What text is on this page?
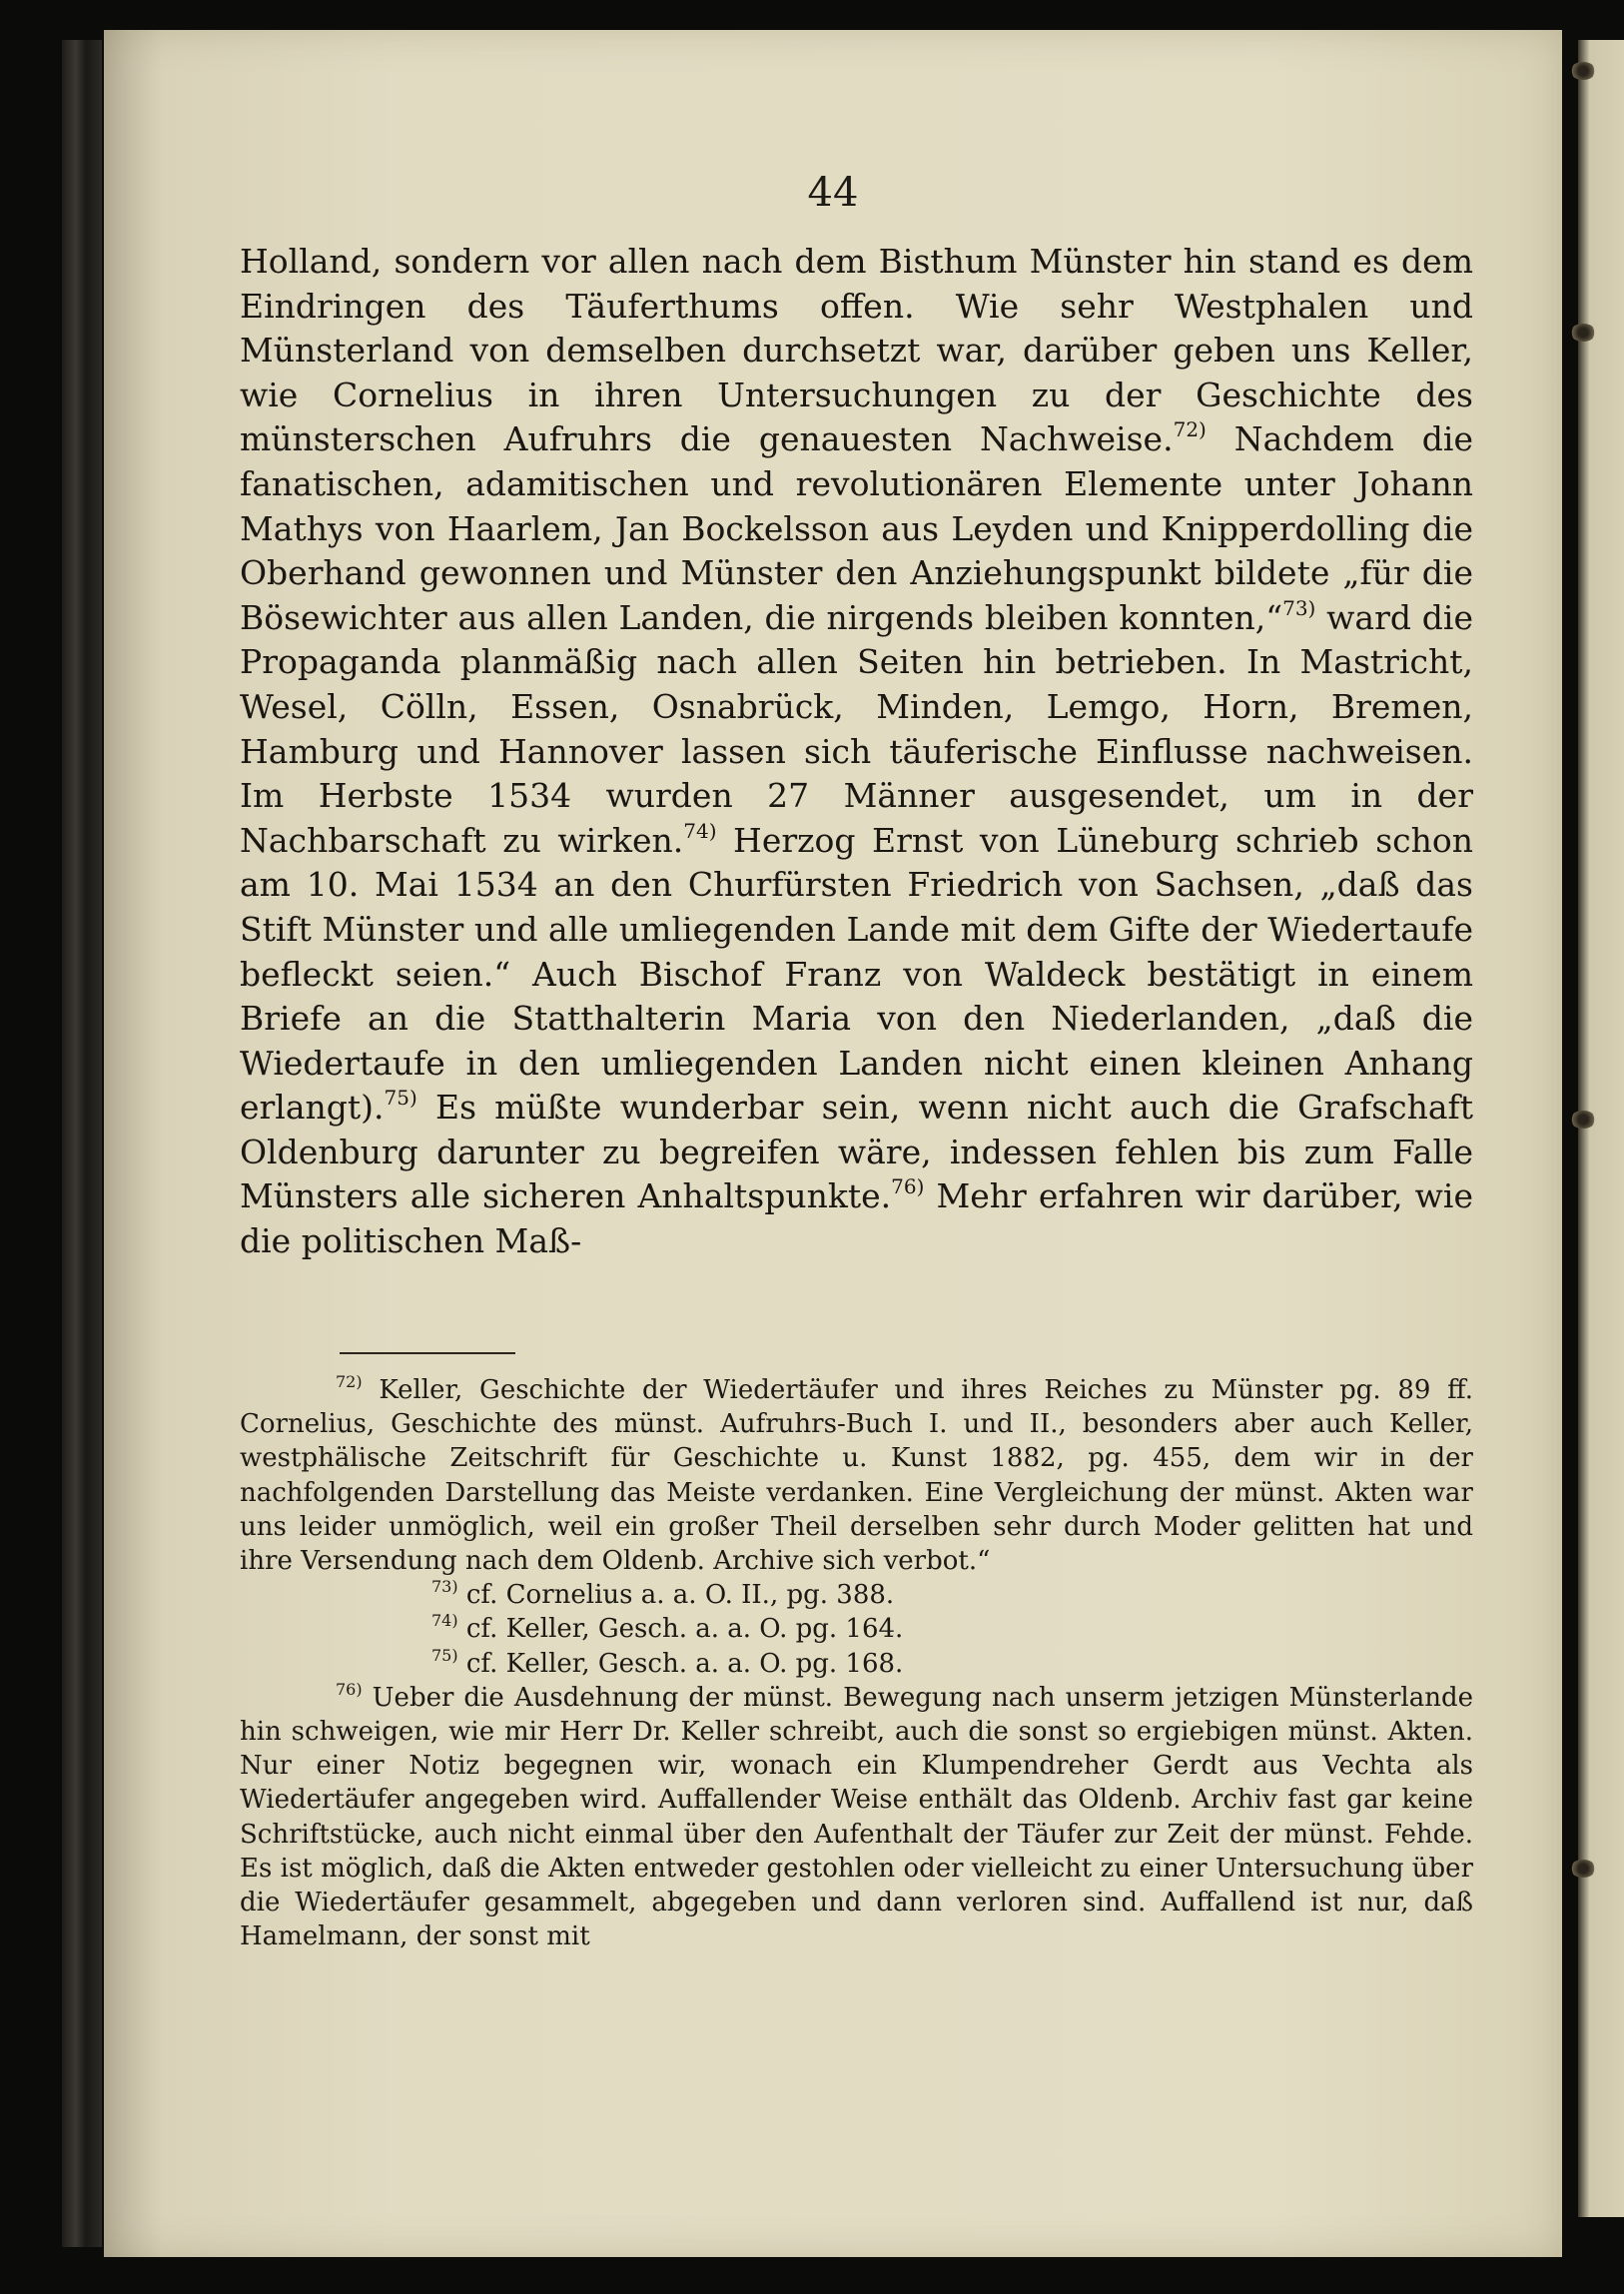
44

Holland, sondern vor allen nach dem Bisthum Münster hin stand es dem Eindringen des Täuferthums offen. Wie sehr Westphalen und Münsterland von demselben durchsetzt war, darüber geben uns Keller, wie Cornelius in ihren Untersuchungen zu der Geschichte des münsterschen Aufruhrs die genauesten Nachweise.$^{72)}$ Nachdem die fanatischen, adamitischen und revolutionären Elemente unter Johann Mathys von Haarlem, Jan Bockelsson aus Leyden und Knipperdolling die Oberhand gewonnen und Münster den Anziehungspunkt bildete „für die Bösewichter aus allen Landen, die nirgends bleiben konnten,“$^{73)}$ ward die Propaganda planmäßig nach allen Seiten hin betrieben. In Mastricht, Wesel, Cölln, Essen, Osnabrück, Minden, Lemgo, Horn, Bremen, Hamburg und Hannover lassen sich täuferische Einflusse nachweisen. Im Herbste 1534 wurden 27 Männer ausgesendet, um in der Nachbarschaft zu wirken.$^{74)}$ Herzog Ernst von Lüneburg schrieb schon am 10. Mai 1534 an den Churfürsten Friedrich von Sachsen, „daß das Stift Münster und alle umliegenden Lande mit dem Gifte der Wiedertaufe befleckt seien.“ Auch Bischof Franz von Waldeck bestätigt in einem Briefe an die Statthalterin Maria von den Niederlanden, „daß die Wiedertaufe in den umliegenden Landen nicht einen kleinen Anhang erlangt).$^{75)}$ Es müßte wunderbar sein, wenn nicht auch die Grafschaft Oldenburg darunter zu begreifen wäre, indessen fehlen bis zum Falle Münsters alle sicheren Anhaltspunkte.$^{76)}$ Mehr erfahren wir darüber, wie die politischen Maß-

$^{72)}$ Keller, Geschichte der Wiedertäufer und ihres Reiches zu Münster pg. 89 ff. Cornelius, Geschichte des münst. Aufruhrs-Buch I. und II., besonders aber auch Keller, westphälische Zeitschrift für Geschichte u. Kunst 1882, pg. 455, dem wir in der nachfolgenden Darstellung das Meiste verdanken. Eine Vergleichung der münst. Akten war uns leider unmöglich, weil ein großer Theil derselben sehr durch Moder gelitten hat und ihre Versendung nach dem Oldenb. Archive sich verbot.“

$^{73)}$ cf. Cornelius a. a. O. II., pg. 388.

$^{74)}$ cf. Keller, Gesch. a. a. O. pg. 164.

$^{75)}$ cf. Keller, Gesch. a. a. O. pg. 168.

$^{76)}$ Ueber die Ausdehnung der münst. Bewegung nach unserm jetzigen Münsterlande hin schweigen, wie mir Herr Dr. Keller schreibt, auch die sonst so ergiebigen münst. Akten. Nur einer Notiz begegnen wir, wonach ein Klumpendreher Gerdt aus Vechta als Wiedertäufer angegeben wird. Auffallender Weise enthält das Oldenb. Archiv fast gar keine Schriftstücke, auch nicht einmal über den Aufenthalt der Täufer zur Zeit der münst. Fehde. Es ist möglich, daß die Akten entweder gestohlen oder vielleicht zu einer Untersuchung über die Wiedertäufer gesammelt, abgegeben und dann verloren sind. Auffallend ist nur, daß Hamelmann, der sonst mit
